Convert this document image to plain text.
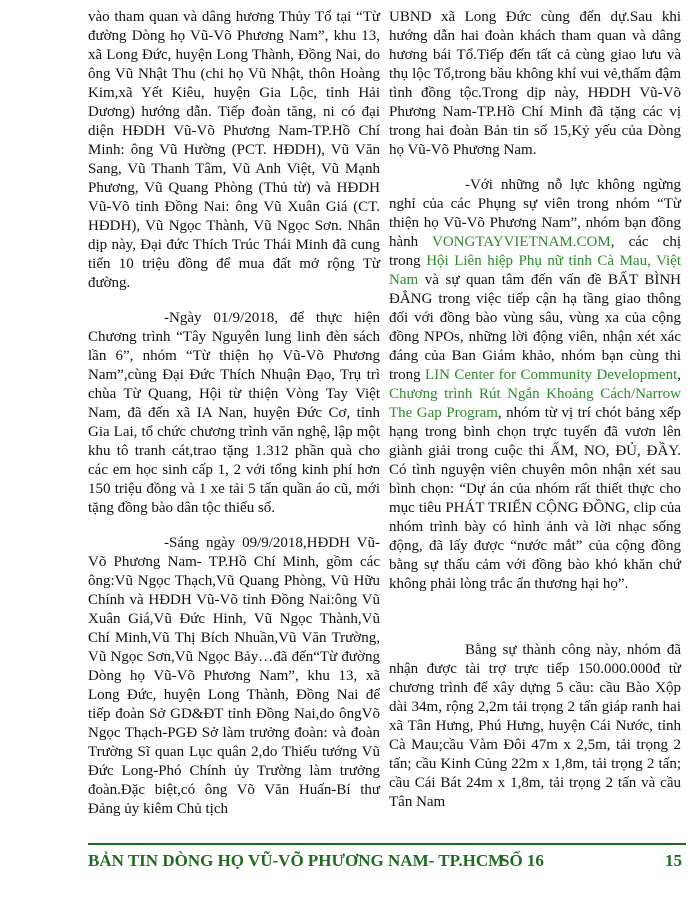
vào tham quan và dâng hương Thủy Tổ tại “Từ đường Dòng họ Vũ-Võ Phương Nam”, khu 13, xã Long Đức, huyện Long Thành, Đồng Nai, do ông Vũ Nhật Thu (chi họ Vũ Nhật, thôn Hoàng Kim,xã Yết Kiêu, huyện Gia Lộc, tỉnh Hải Dương) hướng dẫn. Tiếp đoàn tăng, ni có đại diện HĐDH Vũ-Võ Phương Nam-TP.Hồ Chí Minh: ông Vũ Hường (PCT. HĐDH), Vũ Văn Sang, Vũ Thanh Tâm, Vũ Anh Việt, Vũ Mạnh Phương, Vũ Quang Phòng (Thủ từ) và HĐDH Vũ-Võ tỉnh Đồng Nai: ông Vũ Xuân Giá (CT. HĐDH), Vũ Ngọc Thành, Vũ Ngọc Sơn. Nhân dịp này, Đại đức Thích Trúc Thái Minh đã cung tiến 10 triệu đồng để mua đất mở rộng Từ đường.

-Ngày 01/9/2018, để thực hiện Chương trình “Tây Nguyên lung linh đèn sách lần 6”, nhóm “Từ thiện họ Vũ-Võ Phương Nam”,cùng Đại Đức Thích Nhuận Đạo, Trụ trì chùa Từ Quang, Hội từ thiện Vòng Tay Việt Nam, đã đến xã IA Nan, huyện Đức Cơ, tỉnh Gia Lai, tổ chức chương trình văn nghệ, lập một khu tô tranh cát,trao tặng 1.312 phần quà cho các em học sinh cấp 1, 2 với tổng kinh phí hơn 150 triệu đồng và 1 xe tải 5 tấn quần áo cũ, mới tặng đồng bào dân tộc thiểu số.

-Sáng ngày 09/9/2018,HĐDH Vũ-Võ Phương Nam- TP.Hồ Chí Minh, gồm các ông:Vũ Ngọc Thạch,Vũ Quang Phòng, Vũ Hữu Chính và HĐDH Vũ-Võ tỉnh Đồng Nai:ông Vũ Xuân Giá,Vũ Đức Hinh, Vũ Ngọc Thành,Vũ Chí Minh,Vũ Thị Bích Nhuần,Vũ Văn Trường, Vũ Ngọc Sơn,Vũ Ngọc Bảy…đã đến“Từ đường Dòng họ Vũ-Võ Phương Nam”, khu 13, xã Long Đức, huyện Long Thành, Đồng Nai để tiếp đoàn Sở GD&ĐT tỉnh Đồng Nai,do ôngVõ Ngọc Thạch-PGĐ Sở làm trưởng đoàn: và đoàn Trường Sĩ quan Lục quân 2,do Thiếu tướng Vũ Đức Long-Phó Chính ủy Trường làm trưởng đoàn.Đặc biệt,có ông Võ Văn Huấn-Bí thư Đảng ủy kiêm Chủ tịch

UBND xã Long Đức cùng đến dự.Sau khi hướng dẫn hai đoàn khách tham quan và dâng hương bái Tổ.Tiếp đến tất cả cùng giao lưu và thụ lộc Tổ,trong bầu không khí vui vẻ,thấm đậm tình đồng tộc.Trong dịp này, HĐDH Vũ-Võ Phương Nam-TP.Hồ Chí Minh đã tặng các vị trong hai đoàn Bản tin số 15,Kỷ yếu của Dòng họ Vũ-Võ Phương Nam.

-Với những nỗ lực không ngừng nghỉ của các Phụng sự viên trong nhóm “Từ thiện họ Vũ-Võ Phương Nam”, nhóm bạn đồng hành VONGTAYVIETNAM.COM, các chị trong Hội Liên hiệp Phụ nữ tỉnh Cà Mau, Việt Nam và sự quan tâm đến vấn đề BẤT BÌNH ĐẲNG trong việc tiếp cận hạ tầng giao thông đối với đồng bào vùng sâu, vùng xa của cộng đồng NPOs, những lời động viên, nhận xét xác đáng của Ban Giám khảo, nhóm bạn cùng thi trong LIN Center for Community Development, Chương trình Rút Ngắn Khoảng Cách/Narrow The Gap Program, nhóm từ vị trí chót bảng xếp hạng trong bình chọn trực tuyến đã vươn lên giành giải trong cuộc thi ẤM, NO, ĐỦ, ĐẦY. Có tình nguyện viên chuyên môn nhận xét sau bình chọn: “Dự án của nhóm rất thiết thực cho mục tiêu PHÁT TRIỂN CỘNG ĐỒNG, clip của nhóm trình bày có hình ảnh và lời nhạc sống động, đã lấy được “nước mắt” của cộng đồng bằng sự thấu cảm với đồng bào khó khăn chứ không phải lòng trắc ẩn thương hại họ”.

Bằng sự thành công này, nhóm đã nhận được tài trợ trực tiếp 150.000.000đ từ chương trình để xây dựng 5 cầu: cầu Bào Xộp dài 34m, rộng 2,2m tải trọng 2 tấn giáp ranh hai xã Tân Hưng, Phú Hưng, huyện Cái Nước, tỉnh Cà Mau;cầu Vàm Đôi 47m x 2,5m, tải trọng 2 tấn; cầu Kinh Củng 22m x 1,8m, tải trọng 2 tấn; cầu Cái Bát 24m x 1,8m, tải trọng 2 tấn và cầu Tân Nam

BẢN TIN DÒNG HỌ VŨ-VÕ PHƯƠNG NAM- TP.HCM
SỐ 16	15
